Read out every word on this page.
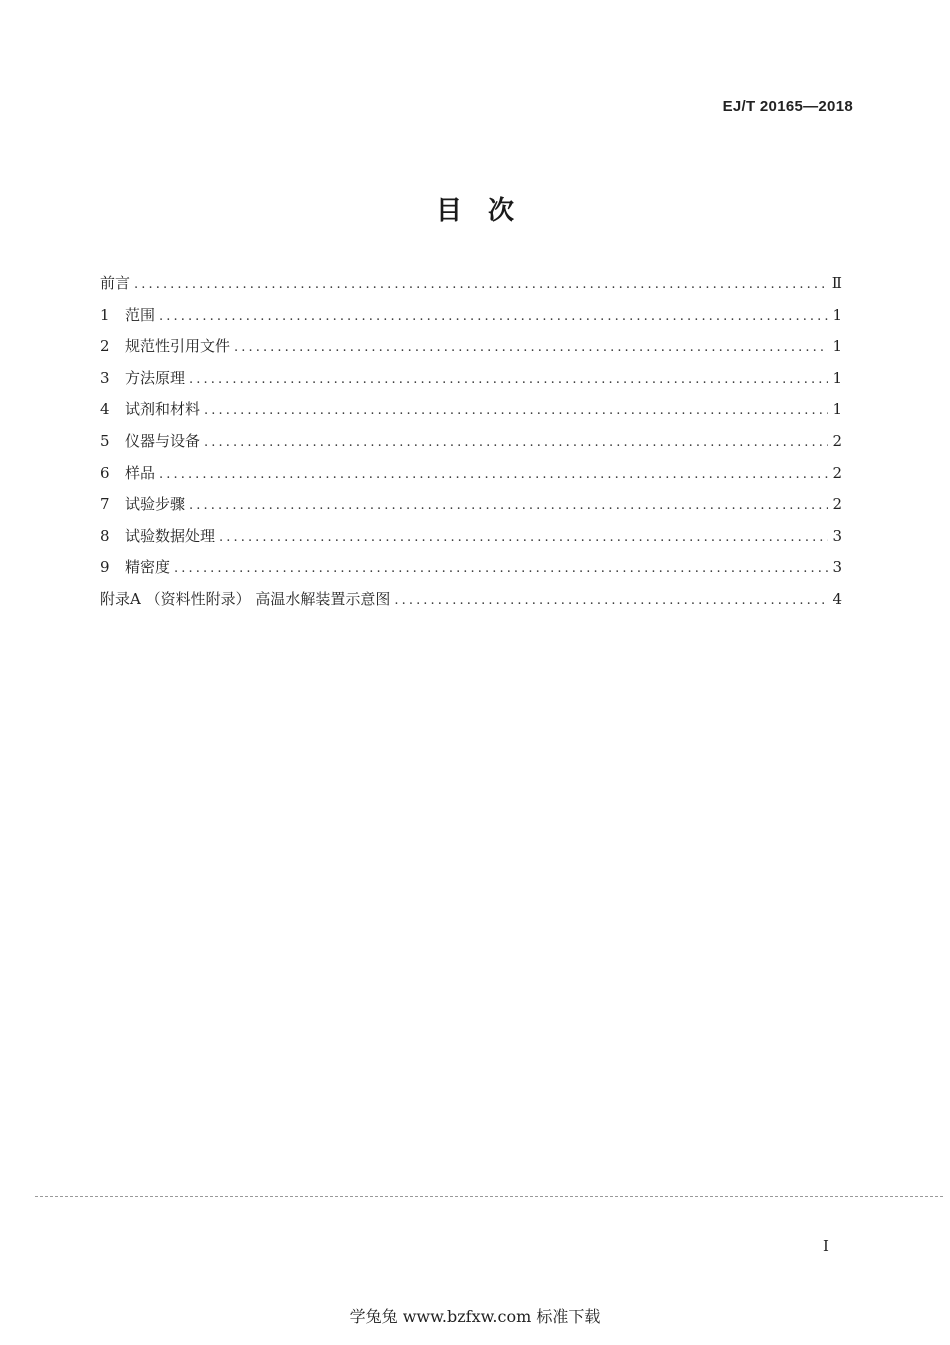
EJ/T 20165—2018
目次
前言 .....	Ⅱ
1	范围 .....	1
2	规范性引用文件 .....	1
3	方法原理 .....	1
4	试剂和材料 .....	1
5	仪器与设备 .....	2
6	样品 .....	2
7	试验步骤 .....	2
8	试验数据处理 .....	3
9	精密度 .....	3
附录A （资料性附录） 高温水解装置示意图 .....	4
I
学兔兔 www.bzfxw.com 标准下载
